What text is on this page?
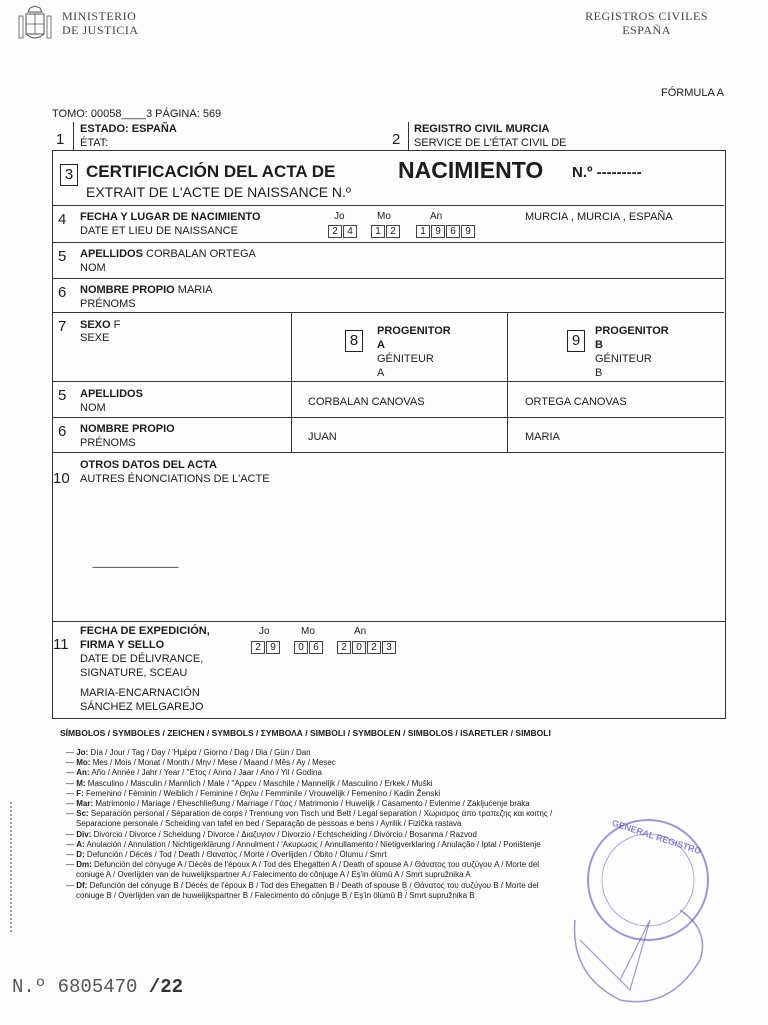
MINISTERIO
DE JUSTICIA
REGISTROS CIVILES
ESPAÑA
FÓRMULA A
TOMO: 00058____3 PÁGINA: 569
1
ESTADO: ESPAÑA
ÉTAT:	2
REGISTRO CIVIL MURCIA
SERVICE DE L'ÉTAT CIVIL DE
3 CERTIFICACIÓN DEL ACTA DE	NACIMIENTO N.º ---------
EXTRAIT DE L'ACTE DE NAISSANCE N.º
4 FECHA Y LUGAR DE NACIMIENTO
DATE ET LIEU DE NAISSANCE
Jo	Mo	An
2 4	1 2	1 9 6 9
MURCIA , MURCIA , ESPAÑA
5 APELLIDOS CORBALAN ORTEGA
NOM
6 NOMBRE PROPIO MARIA
PRÉNOMS
7 SEXO F
SEXE	8
PROGENITOR
A
GÉNITEUR
A
9
PROGENITOR
B
GÉNITEUR
B
5 APELLIDOS
NOM	CORBALAN CANOVAS	ORTEGA CANOVAS
6 NOMBRE PROPIO
PRÉNOMS	JUAN	MARIA
10
OTROS DATOS DEL ACTA
AUTRES ÉNONCIATIONS DE L'ACTE
-------------------------------------------
11
FECHA DE EXPEDICIÓN,
FIRMA Y SELLO
DATE DE DÉLIVRANCE,
SIGNATURE, SCEAU
Jo	Mo	An
2 9	0 6	2 0 2 3
MARIA-ENCARNACIÓN
SÁNCHEZ MELGAREJO
SÍMBOLOS / SYMBOLES / ZEICHEN / SYMBOLS / ΣΥΜΒΟΛΑ / SIMBOLI / SYMBOLEN / SIMBOLOS / ISARETLER / SIMBOLI
— Jo: Día / Jour / Tag / Day / 'Ημέρα / Giorno / Dag / Dia / Gün / Dan
— Mo: Mes / Mois / Monat / Month / Μην / Mese / Maand / Mês / Ay / Mesec
— An: Año / Année / Jahr / Year / ''Ετος / Anno / Jaar / Ano / Yil / Godina
— M: Masculino / Masculin / Mannlich / Male / ''Αρρεν / Maschile / Mannelijk / Masculino / Erkek / Muški
— F: Femenino / Féminin / Weiblich / Feminine / Θηλυ / Femminile / Vrouwelijk / Femenino / Kadin Ženski
— Mar: Matrimonio / Mariage / Eheschließung / Marriage / Γάος / Matrimonio / Huwelijk / Casamento / Evlenme / Zakljućenje braka
— Sc: Separación personal / Séparation de corps / Trennung von Tisch und Bett / Legal separation / Χωρισμος άπο τραπεζης και κοιτης /
Separacione personale / Scheiding van tafel en bed / Separação de pessoas e bens / Ayrilik / Fizička rastava
— Div: Divorcio / Divorce / Scheidung / Divorce / Διαζυγιον / Divorzio / Echtscheiding / Divórcio / Bosanma / Razvod
— A: Anulación / Annulation / Nichtigerklärung / Annulment / 'Ακυρωσις / Annullamento / Nietigverklaring / Anulação / Iptal / Poništenje
— D: Defunción / Décès / Tod / Death / Θανατος / Morte / Overlijden / Óbito / Ölumu / Smrt
— Dm: Defunción del cónyuge A / Décès de l'époux A / Tod des Ehegatten A / Death of spouse A / Θάνατος του συζύγου A / Morte del
coniuge A / Overlijden van de huwelijkspartner A / Falecimento do cônjuge A / Eş'in ölümü A / Smrt supružnika A
— Df: Defunción del cónyuge B / Décès de l'époux B / Tod des Ehegatten B / Death of spouse B / Θάνατος του συζύγου B / Morte del
coniuge B / Overlijden van de huwelijkspartner B / Falecimento do cônjuge B / Eş'in ölümü B / Smrt supružnika B
GENERAL REGISTRO
N.º 6805470 /22
